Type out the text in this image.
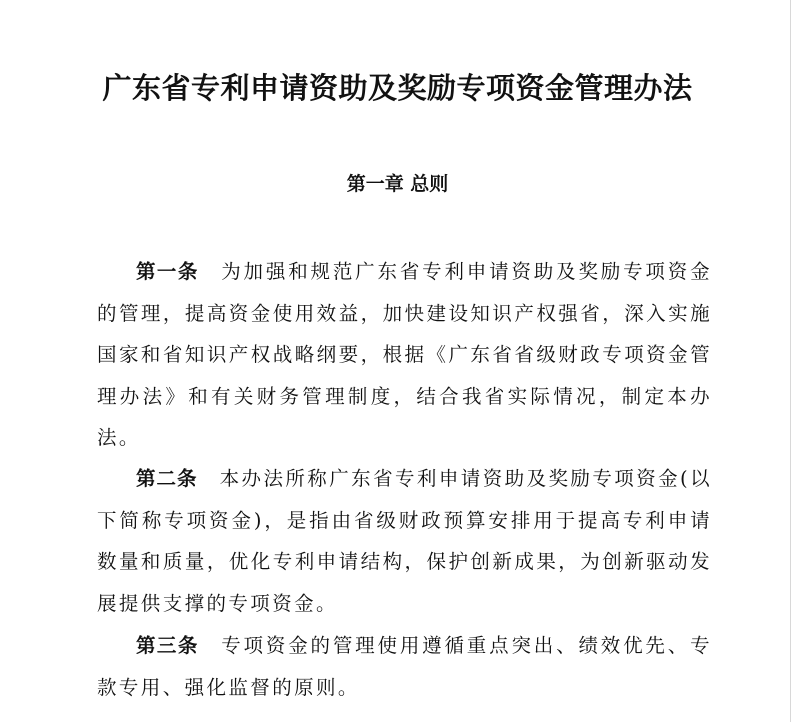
广东省专利申请资助及奖励专项资金管理办法
第一章 总则

第一条 为加强和规范广东省专利申请资助及奖励专项资金的管理，提高资金使用效益，加快建设知识产权强省，深入实施国家和省知识产权战略纲要，根据《广东省省级财政专项资金管理办法》和有关财务管理制度，结合我省实际情况，制定本办法。

第二条 本办法所称广东省专利申请资助及奖励专项资金(以下简称专项资金)，是指由省级财政预算安排用于提高专利申请数量和质量，优化专利申请结构，保护创新成果，为创新驱动发展提供支撑的专项资金。

第三条 专项资金的管理使用遵循重点突出、绩效优先、专款专用、强化监督的原则。
